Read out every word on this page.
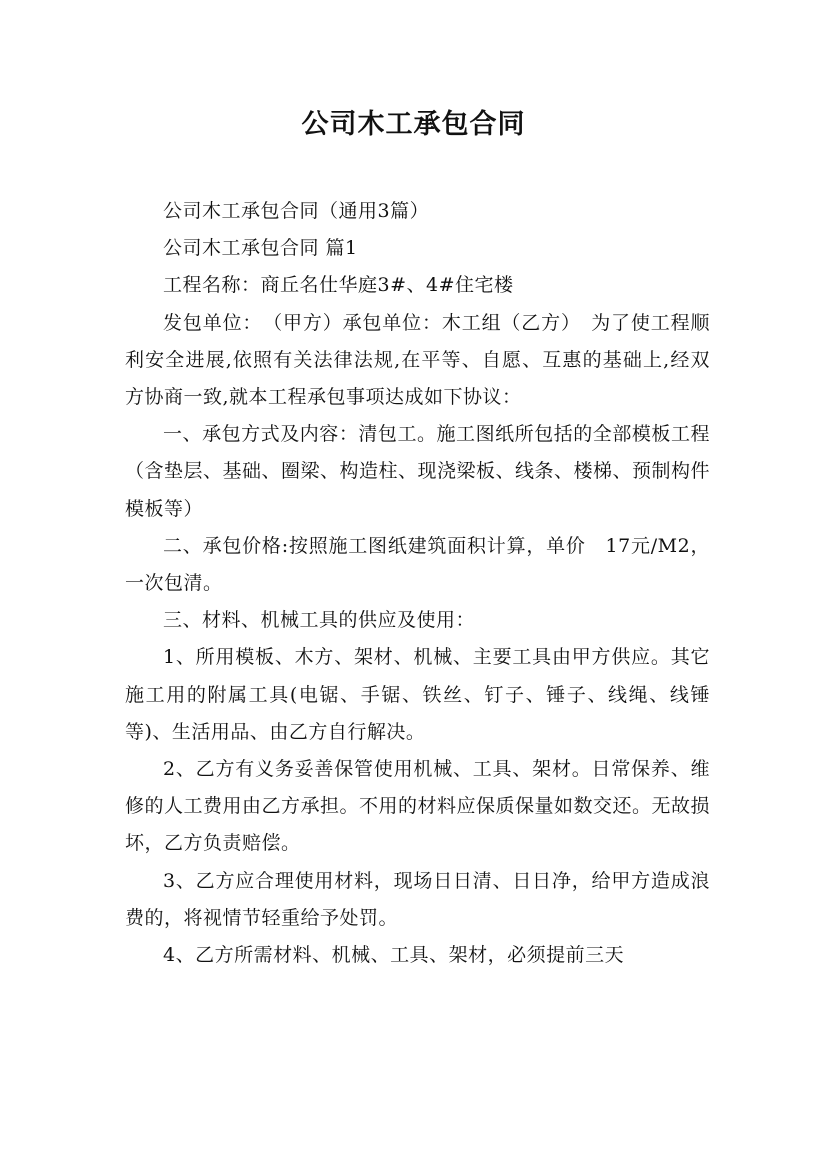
公司木工承包合同

公司木工承包合同（通用3篇）

公司木工承包合同 篇1

工程名称：商丘名仕华庭3#、4#住宅楼

发包单位：　（甲方）承包单位：木工组（乙方）　为了使工程顺利安全进展,依照有关法律法规,在平等、自愿、互惠的基础上,经双方协商一致,就本工程承包事项达成如下协议：

一、承包方式及内容：清包工。施工图纸所包括的全部模板工程（含垫层、基础、圈梁、构造柱、现浇梁板、线条、楼梯、预制构件模板等）

二、承包价格:按照施工图纸建筑面积计算，单价　17元/M2，一次包清。

三、材料、机械工具的供应及使用：

1、所用模板、木方、架材、机械、主要工具由甲方供应。其它施工用的附属工具(电锯、手锯、铁丝、钉子、锤子、线绳、线锤等)、生活用品、由乙方自行解决。

2、乙方有义务妥善保管使用机械、工具、架材。日常保养、维修的人工费用由乙方承担。不用的材料应保质保量如数交还。无故损坏，乙方负责赔偿。

3、乙方应合理使用材料，现场日日清、日日净，给甲方造成浪费的，将视情节轻重给予处罚。

4、乙方所需材料、机械、工具、架材，必须提前三天
